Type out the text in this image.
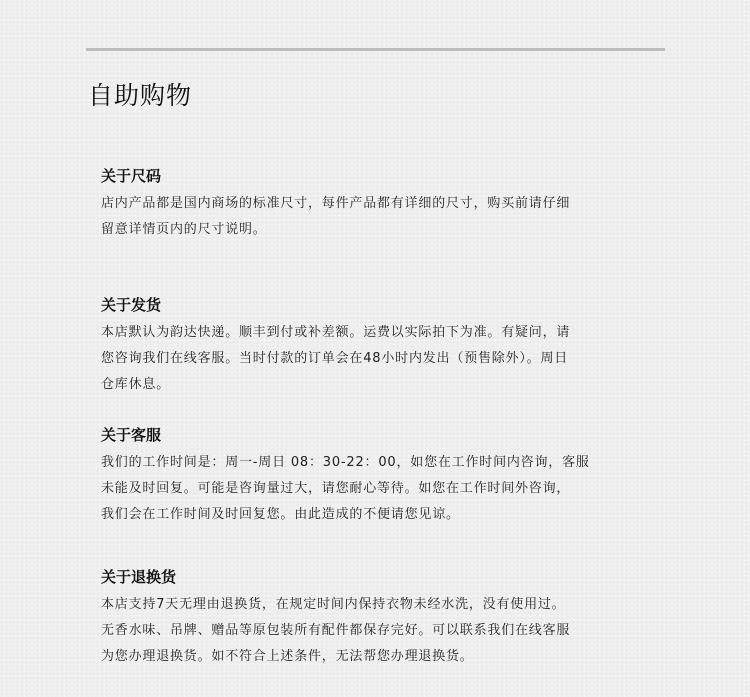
自助购物
关于尺码

店内产品都是国内商场的标准尺寸，每件产品都有详细的尺寸，购买前请仔细
留意详情页内的尺寸说明。

关于发货

本店默认为韵达快递。顺丰到付或补差额。运费以实际拍下为准。有疑问，请
您咨询我们在线客服。当时付款的订单会在48小时内发出（预售除外）。周日
仓库休息。

关于客服

我们的工作时间是：周一-周日 08：30-22：00，如您在工作时间内咨询，客服
未能及时回复。可能是咨询量过大，请您耐心等待。如您在工作时间外咨询，
我们会在工作时间及时回复您。由此造成的不便请您见谅。

关于退换货

本店支持7天无理由退换货，在规定时间内保持衣物未经水洗，没有使用过。
无香水味、吊牌、赠品等原包装所有配件都保存完好。可以联系我们在线客服
为您办理退换货。如不符合上述条件，无法帮您办理退换货。
